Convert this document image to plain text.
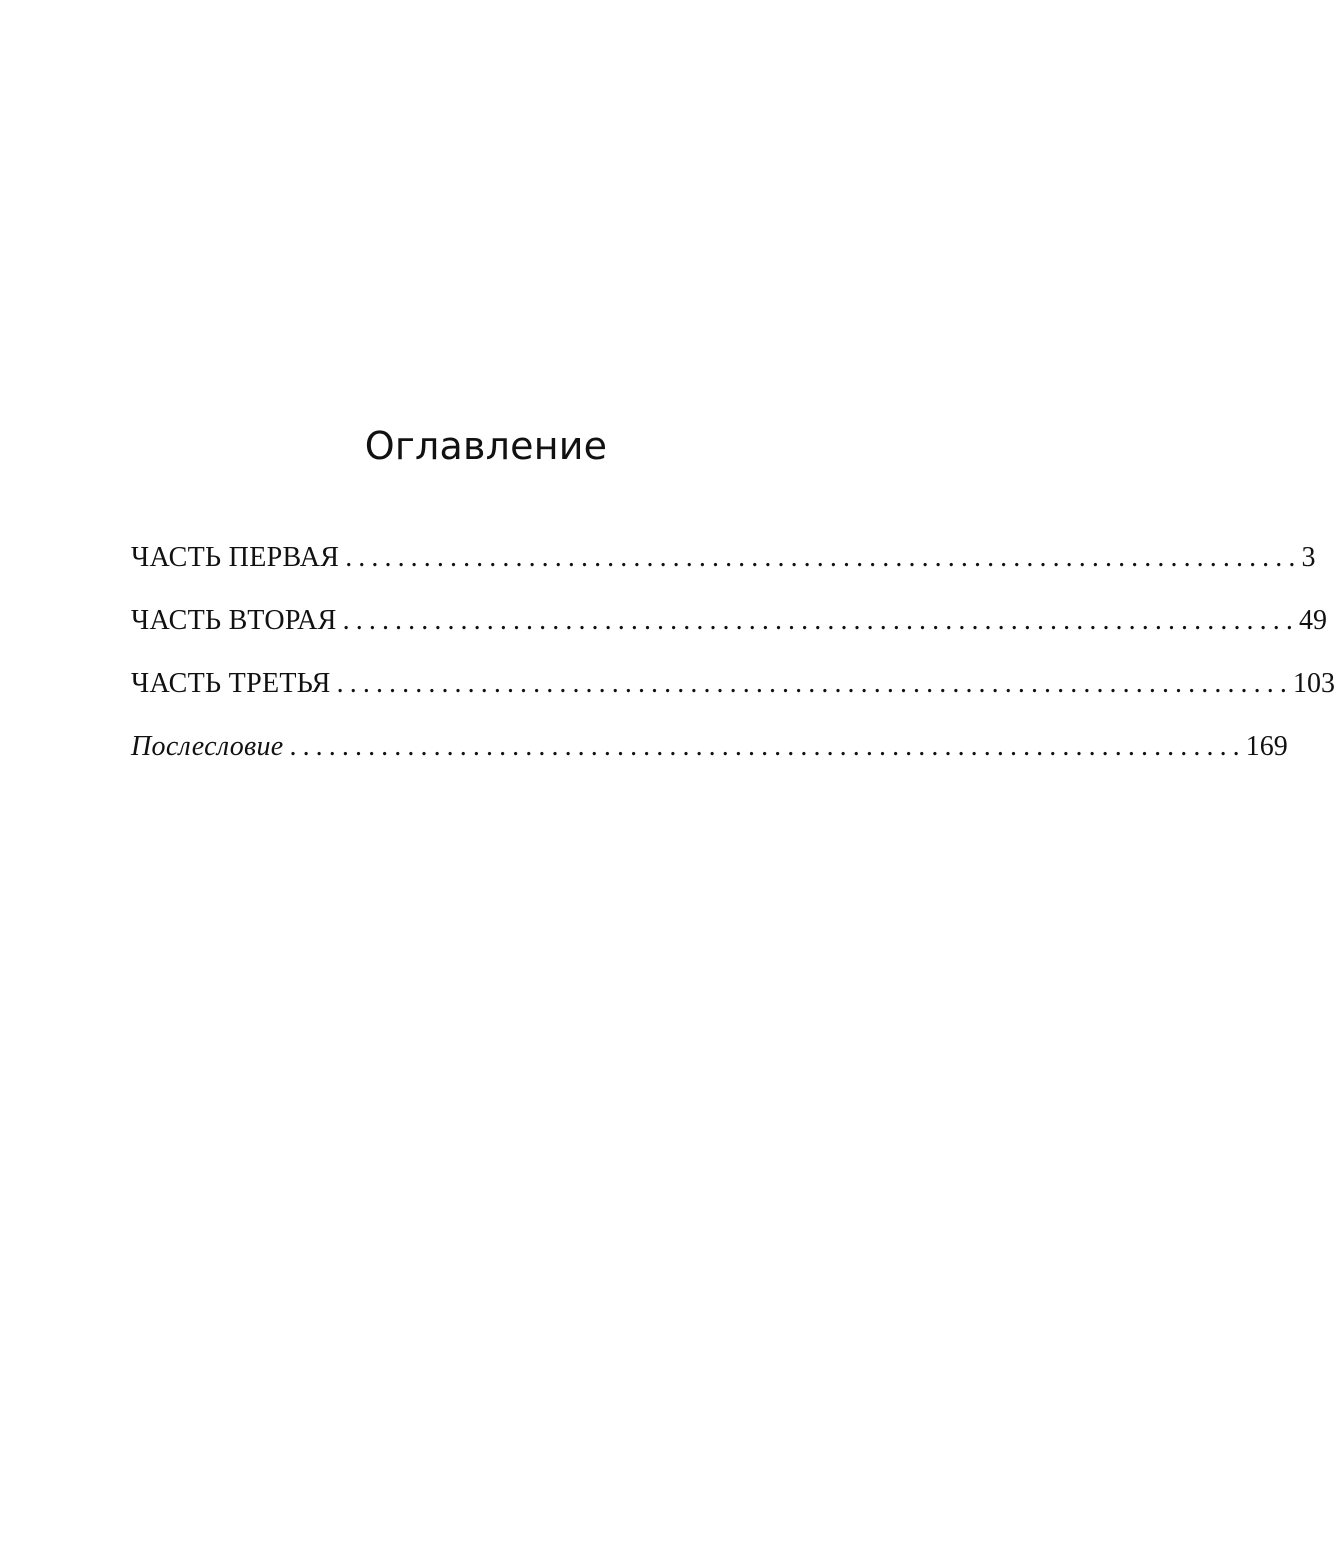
Оглавление
ЧАСТЬ ПЕРВАЯ ......................................................................... 3
ЧАСТЬ ВТОРАЯ ......................................................................... 49
ЧАСТЬ ТРЕТЬЯ ......................................................................... 103
Послесловие ......................................................................... 169
